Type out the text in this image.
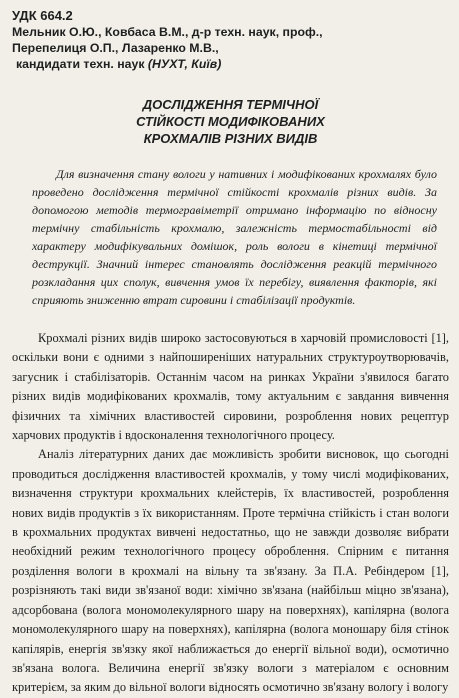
УДК 664.2
Мельник О.Ю., Ковбаса В.М., д-р техн. наук, проф.,
Перепелиця О.П., Лазаренко М.В.,
кандидати техн. наук (НУХТ, Київ)
ДОСЛІДЖЕННЯ ТЕРМІЧНОЇ
СТІЙКОСТІ МОДИФІКОВАНИХ
КРОХМАЛІВ РІЗНИХ ВИДІВ
Для визначення стану вологи у нативних і модифікованих крохмалях було проведено дослідження термічної стійкості крохмалів різних видів. За допомогою методів термогравіметрії отримано інформацію по відносну термічну стабільність крохмалю, залежність термостабільності від характеру модифікувальних домішок, роль вологи в кінетиці термічної деструкції. Значний інтерес становлять дослідження реакцій термічного розкладання цих сполук, вивчення умов їх перебігу, виявлення факторів, які сприяють зниженню втрат сировини і стабілізації продуктів.

Крохмалі різних видів широко застосовуються в харчовій промисловості [1], оскільки вони є одними з найпоширеніших натуральних структуроутворювачів, загусник і стабілізаторів. Останнім часом на ринках України з'явилося багато різних видів модифікованих крохмалів, тому актуальним є завдання вивчення фізичних та хімічних властивостей сировини, розроблення нових рецептур харчових продуктів і вдосконалення технологічного процесу.

Аналіз літературних даних дає можливість зробити висновок, що сьогодні проводиться дослідження властивостей крохмалів, у тому числі модифікованих, визначення структури крохмальних клейстерів, їх властивостей, розроблення нових видів продуктів з їх використанням. Проте термічна стійкість і стан вологи в крохмальних продуктах вивчені недостатньо, що не завжди дозволяє вибрати необхідний режим технологічного процесу оброблення. Спірним є питання розділення вологи в крохмалі на вільну та зв'язану. За П.А. Ребіндером [1], розрізняють такі види зв'язаної води: хімічно зв'язана (найбільш міцно зв'язана), адсорбована (волога мономолекулярного шару на поверхнях), капілярна (волога мономолекулярного шару на поверхнях), капілярна (волога моношару біля стінок капілярів, енергія зв'язку якої наближається до енергії вільної води), осмотично зв'язана волога. Величина енергії зв'язку вологи з матеріалом є основним критерієм, за яким до вільної вологи відносять осмотично зв'язану вологу і вологу
